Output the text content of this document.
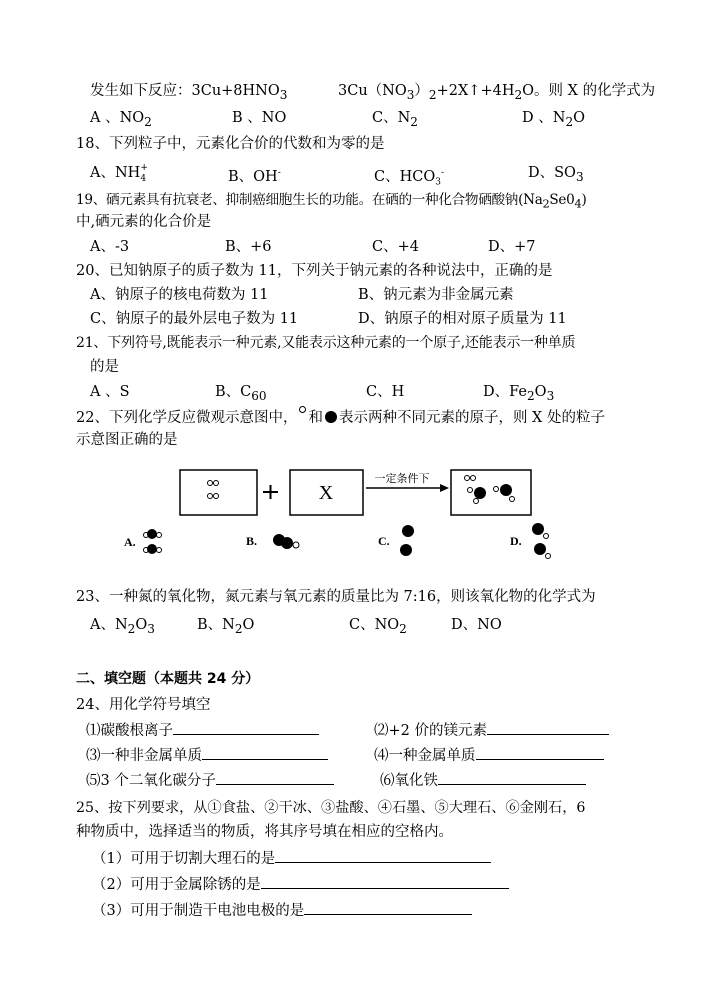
发生如下反应：$3Cu+8HNO_3$	$3Cu(NO_3)_2+2X↑+4H_2O$。则 X 的化学式为
A 、$NO_2$	B 、NO	C、$N_2$	D 、$N_2O$
18、下列粒子中，元素化合价的代数和为零的是
A、NH +
$_4$	B、OH-	C、$HCO_3^-$	D、$SO_3$
19、硒元素具有抗衰老、抑制癌细胞生长的功能。在硒的一种化合物硒酸钠$(Na_2Se0_4)$
中,硒元素的化合价是
A、-3	B、+6	C、+4	D、+7
20、已知钠原子的质子数为 11，下列关于钠元素的各种说法中，正确的是
A、钠原子的核电荷数为 11	B、钠元素为非金属元素
C、钠原子的最外层电子数为 11	D、钠原子的相对原子质量为 11
21、下列符号,既能表示一种元素,又能表示这种元素的一个原子,还能表示一种单质
的是
A 、S	B、$C_{60}$	C、H	D、$Fe_2O_3$
22、下列化学反应微观示意图中， 和 表示两种不同元素的原子，则 X 处的粒子
示意图正确的是
X
一定条件下
A.	B.	C.	D.
23、一种氮的氧化物，氮元素与氧元素的质量比为 7:16，则该氧化物的化学式为
A、$N_2O_3$	B、$N_2O$	C、$NO_2$	D、NO
二、填空题（本题共 24 分）
24、用化学符号填空
⑴碳酸根离子	⑵+2 价的镁元素
⑶一种非金属单质	⑷一种金属单质
⑸3 个二氧化碳分子	⑹氧化铁
25、按下列要求，从①食盐、②干冰、③盐酸、④石墨、⑤大理石、⑥金刚石，6
种物质中，选择适当的物质，将其序号填在相应的空格内。
（1）可用于切割大理石的是
（2）可用于金属除锈的是
（3）可用于制造干电池电极的是
